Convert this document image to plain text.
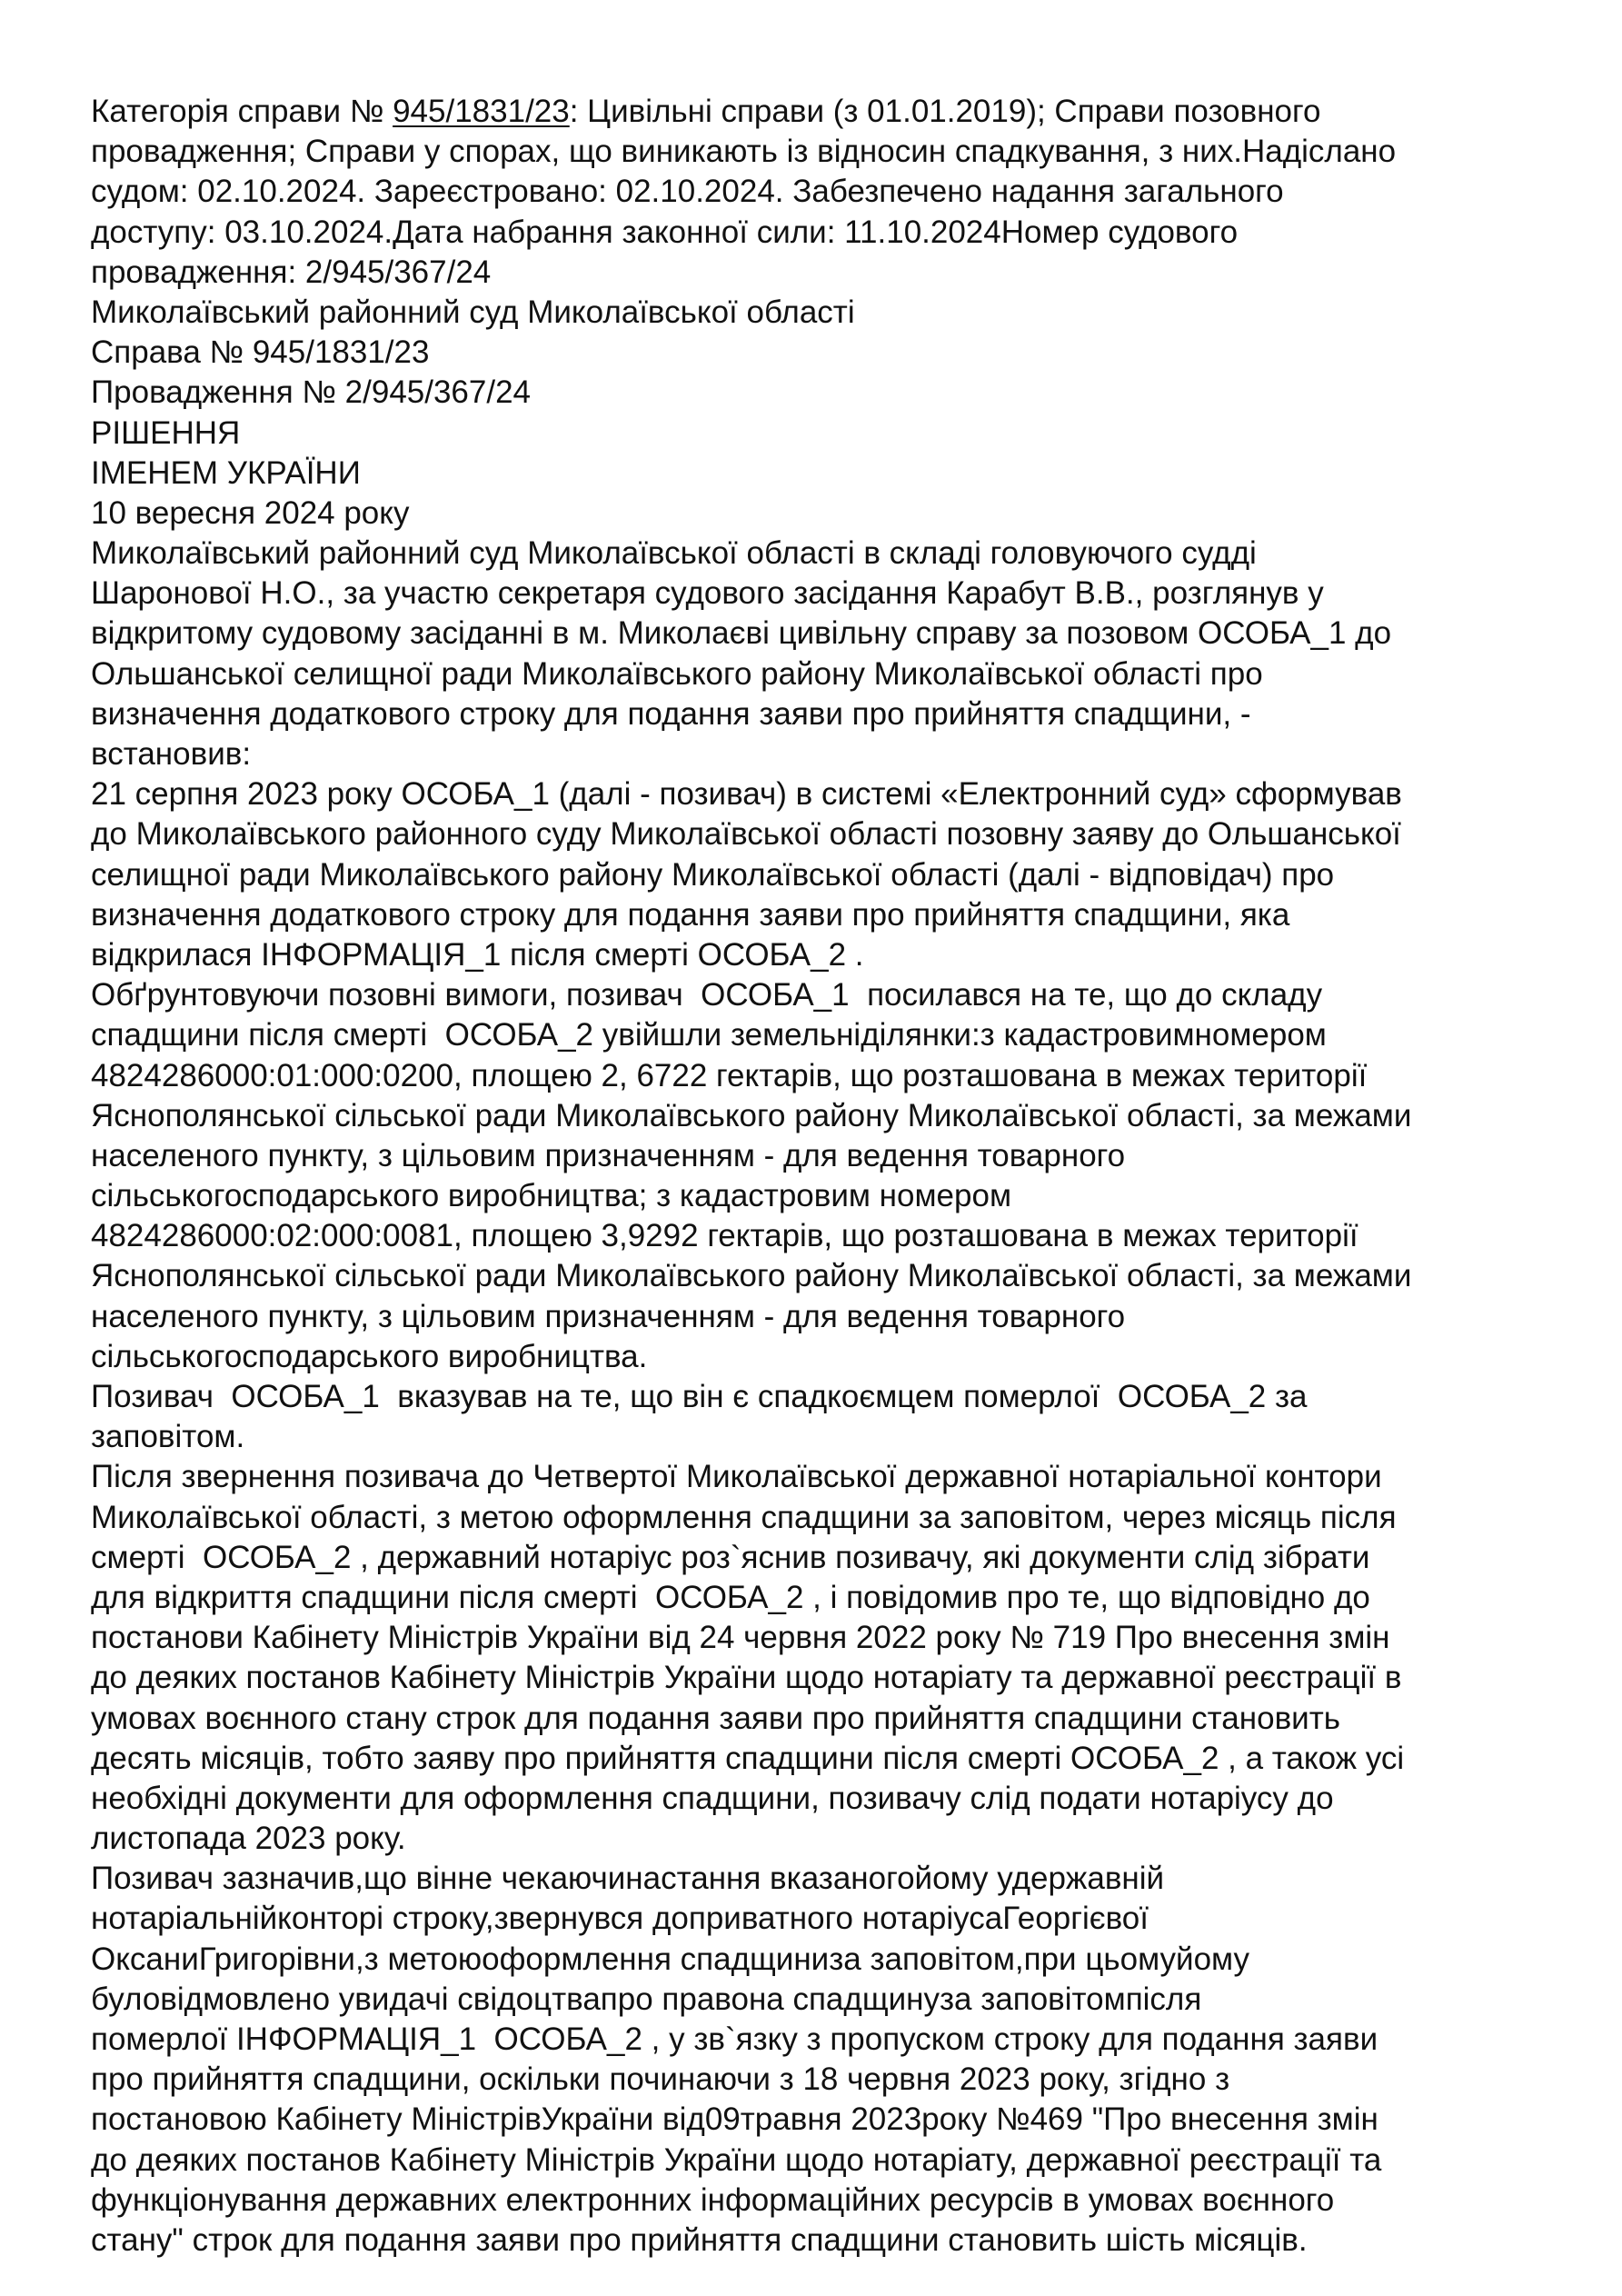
Категорія справи № 945/1831/23: Цивільні справи (з 01.01.2019); Справи позовного
провадження; Справи у спорах, що виникають із відносин спадкування, з них.Надіслано
судом: 02.10.2024. Зареєстровано: 02.10.2024. Забезпечено надання загального
доступу: 03.10.2024.Дата набрання законної сили: 11.10.2024Номер судового
провадження: 2/945/367/24
Миколаївський районний суд Миколаївської області
Справа № 945/1831/23
Провадження № 2/945/367/24
РІШЕННЯ
ІМЕНЕМ УКРАЇНИ
10 вересня 2024 року
Миколаївський районний суд Миколаївської області в складі головуючого судді
Шаронової Н.О., за участю секретаря судового засідання Карабут В.В., розглянув у
відкритому судовому засіданні в м. Миколаєві цивільну справу за позовом ОСОБА_1 до
Ольшанської селищної ради Миколаївського району Миколаївської області про
визначення додаткового строку для подання заяви про прийняття спадщини, -
встановив:
21 серпня 2023 року ОСОБА_1 (далі - позивач) в системі «Електронний суд» сформував
до Миколаївського районного суду Миколаївської області позовну заяву до Ольшанської
селищної ради Миколаївського району Миколаївської області (далі - відповідач) про
визначення додаткового строку для подання заяви про прийняття спадщини, яка
відкрилася ІНФОРМАЦІЯ_1 після смерті ОСОБА_2 .
Обґрунтовуючи позовні вимоги, позивач  ОСОБА_1  посилався на те, що до складу
спадщини після смерті  ОСОБА_2 увійшли земельніділянки:з кадастровимномером
4824286000:01:000:0200, площею 2, 6722 гектарів, що розташована в межах території
Яснополянської сільської ради Миколаївського району Миколаївської області, за межами
населеного пункту, з цільовим призначенням - для ведення товарного
сільськогосподарського виробництва; з кадастровим номером
4824286000:02:000:0081, площею 3,9292 гектарів, що розташована в межах території
Яснополянської сільської ради Миколаївського району Миколаївської області, за межами
населеного пункту, з цільовим призначенням - для ведення товарного
сільськогосподарського виробництва.
Позивач  ОСОБА_1  вказував на те, що він є спадкоємцем померлої  ОСОБА_2 за
заповітом.
Після звернення позивача до Четвертої Миколаївської державної нотаріальної контори
Миколаївської області, з метою оформлення спадщини за заповітом, через місяць після
смерті  ОСОБА_2 , державний нотаріус роз`яснив позивачу, які документи слід зібрати
для відкриття спадщини після смерті  ОСОБА_2 , і повідомив про те, що відповідно до
постанови Кабінету Міністрів України від 24 червня 2022 року № 719 Про внесення змін
до деяких постанов Кабінету Міністрів України щодо нотаріату та державної реєстрації в
умовах воєнного стану строк для подання заяви про прийняття спадщини становить
десять місяців, тобто заяву про прийняття спадщини після смерті ОСОБА_2 , а також усі
необхідні документи для оформлення спадщини, позивачу слід подати нотаріусу до
листопада 2023 року.
Позивач зазначив,що вінне чекаючинастання вказаногойому удержавній
нотаріальнійконторі строку,звернувся доприватного нотаріусаГеоргієвої
ОксаниГригорівни,з метоюоформлення спадщиниза заповітом,при цьомуйому
буловідмовлено увидачі свідоцтвапро правона спадщинуза заповітомпісля
померлої ІНФОРМАЦІЯ_1  ОСОБА_2 , у зв`язку з пропуском строку для подання заяви
про прийняття спадщини, оскільки починаючи з 18 червня 2023 року, згідно з
постановою Кабінету МіністрівУкраїни від09травня 2023року №469 "Про внесення змін
до деяких постанов Кабінету Міністрів України щодо нотаріату, державної реєстрації та
функціонування державних електронних інформаційних ресурсів в умовах воєнного
стану" строк для подання заяви про прийняття спадщини становить шість місяців.
